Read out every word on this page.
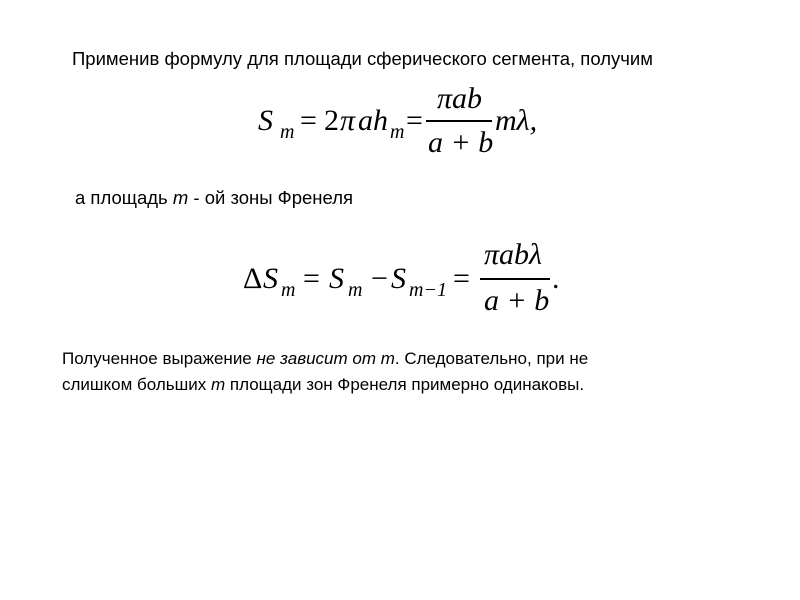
Применив формулу для площади сферического сегмента, получим
S m = 2 π ah m =
πab
a + b
mλ,
а площадь m - ой зоны Френеля
Δ S m = S m − S m−1 =
πabλ
a + b
.
Полученное выражение не зависит от m. Следовательно, при не
слишком больших m площади зон Френеля примерно одинаковы.
